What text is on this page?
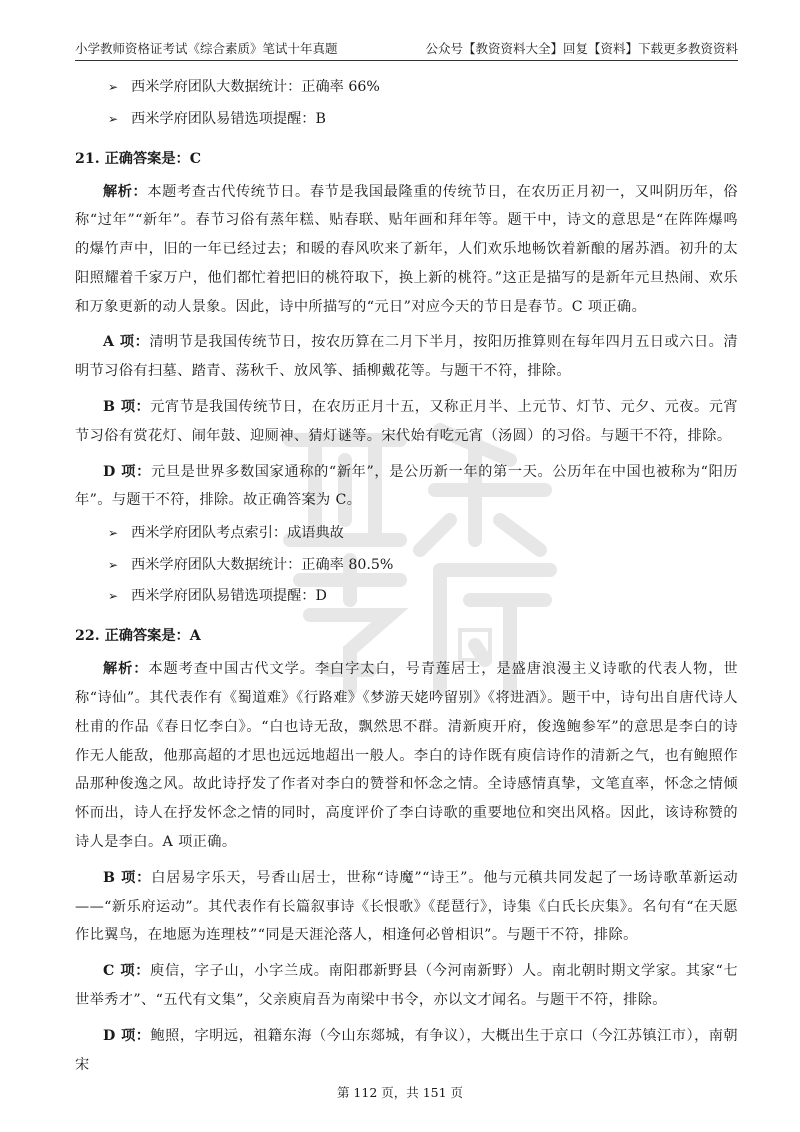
小学教师资格证考试《综合素质》笔试十年真题	公众号【教资资料大全】回复【资料】下载更多教资资料
➢ 西米学府团队大数据统计：正确率 66%
➢ 西米学府团队易错选项提醒：B
21. 正确答案是：C

解析：本题考查古代传统节日。春节是我国最隆重的传统节日，在农历正月初一，又叫阴历年，俗称“过年”“新年”。春节习俗有蒸年糕、贴春联、贴年画和拜年等。题干中，诗文的意思是“在阵阵爆鸣的爆竹声中，旧的一年已经过去；和暖的春风吹来了新年，人们欢乐地畅饮着新酿的屠苏酒。初升的太阳照耀着千家万户，他们都忙着把旧的桃符取下，换上新的桃符。”这正是描写的是新年元旦热闹、欢乐和万象更新的动人景象。因此，诗中所描写的“元日”对应今天的节日是春节。C 项正确。

A 项：清明节是我国传统节日，按农历算在二月下半月，按阳历推算则在每年四月五日或六日。清明节习俗有扫墓、踏青、荡秋千、放风筝、插柳戴花等。与题干不符，排除。

B 项：元宵节是我国传统节日，在农历正月十五，又称正月半、上元节、灯节、元夕、元夜。元宵节习俗有赏花灯、闹年鼓、迎厕神、猜灯谜等。宋代始有吃元宵（汤圆）的习俗。与题干不符，排除。

D 项：元旦是世界多数国家通称的“新年”，是公历新一年的第一天。公历年在中国也被称为“阳历年”。与题干不符，排除。故正确答案为 C。

➢ 西米学府团队考点索引：成语典故
➢ 西米学府团队大数据统计：正确率 80.5%
➢ 西米学府团队易错选项提醒：D
22. 正确答案是：A

解析：本题考查中国古代文学。李白字太白，号青莲居士，是盛唐浪漫主义诗歌的代表人物，世称“诗仙”。其代表作有《蜀道难》《行路难》《梦游天姥吟留别》《将进酒》。题干中，诗句出自唐代诗人杜甫的作品《春日忆李白》。“白也诗无敌，飘然思不群。清新庾开府，俊逸鲍参军”的意思是李白的诗作无人能敌，他那高超的才思也远远地超出一般人。李白的诗作既有庾信诗作的清新之气，也有鲍照作品那种俊逸之风。故此诗抒发了作者对李白的赞誉和怀念之情。全诗感情真挚，文笔直率，怀念之情倾怀而出，诗人在抒发怀念之情的同时，高度评价了李白诗歌的重要地位和突出风格。因此，该诗称赞的诗人是李白。A 项正确。

B 项：白居易字乐天，号香山居士，世称“诗魔”“诗王”。他与元稹共同发起了一场诗歌革新运动——“新乐府运动”。其代表作有长篇叙事诗《长恨歌》《琵琶行》，诗集《白氏长庆集》。名句有“在天愿作比翼鸟，在地愿为连理枝”“同是天涯沦落人，相逢何必曾相识”。与题干不符，排除。

C 项：庾信，字子山，小字兰成。南阳郡新野县（今河南新野）人。南北朝时期文学家。其家“七世举秀才”、“五代有文集”，父亲庾肩吾为南梁中书令，亦以文才闻名。与题干不符，排除。

D 项：鲍照，字明远，祖籍东海（今山东郯城，有争议），大概出生于京口（今江苏镇江市），南朝宋

第 112 页，共 151 页
